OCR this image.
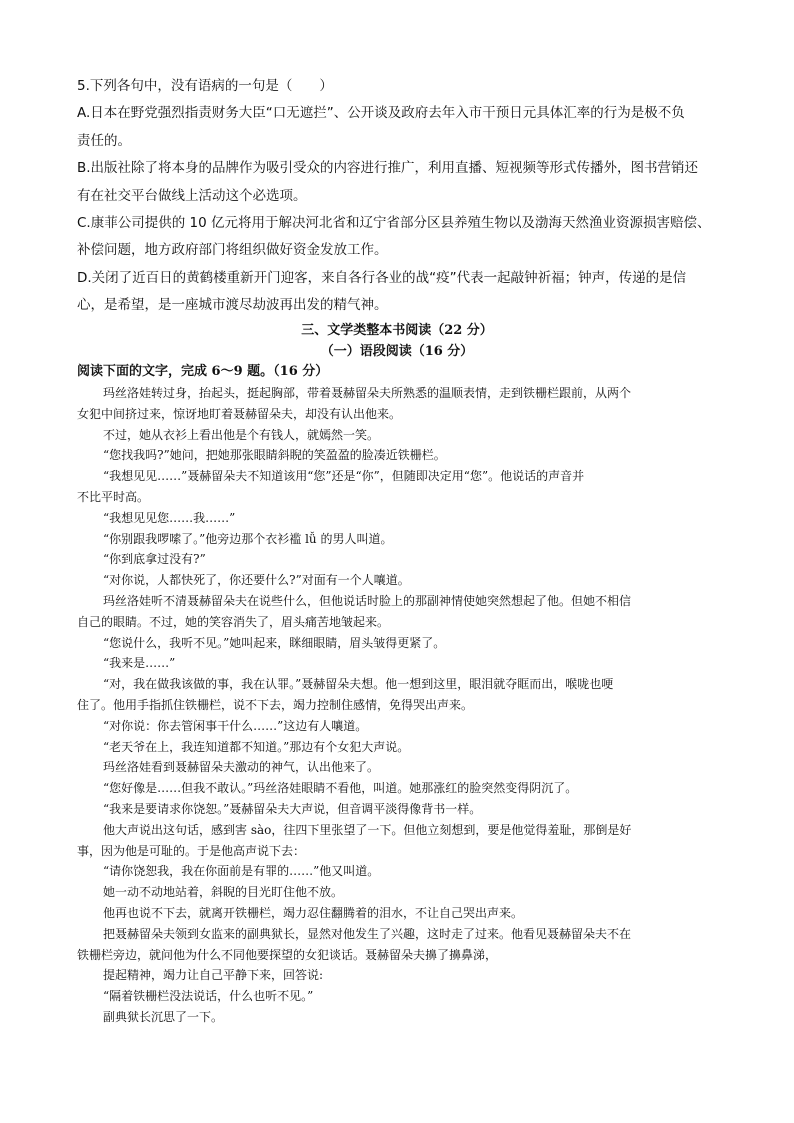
5.下列各句中，没有语病的一句是（　　）

A.日本在野党强烈指责财务大臣“口无遮拦”、公开谈及政府去年入市干预日元具体汇率的行为是极不负

责任的。

B.出版社除了将本身的品牌作为吸引受众的内容进行推广，利用直播、短视频等形式传播外，图书营销还

有在社交平台做线上活动这个必选项。

C.康菲公司提供的 10 亿元将用于解决河北省和辽宁省部分区县养殖生物以及渤海天然渔业资源损害赔偿、

补偿问题，地方政府部门将组织做好资金发放工作。

D.关闭了近百日的黄鹤楼重新开门迎客，来自各行各业的战“疫”代表一起敲钟祈福；钟声，传递的是信

心，是希望，是一座城市渡尽劫波再出发的精气神。

三、文学类整本书阅读（22 分）
（一）语段阅读（16 分）
阅读下面的文字，完成 6～9 题。（16 分）

玛丝洛娃转过身，抬起头，挺起胸部，带着聂赫留朵夫所熟悉的温顺表情，走到铁栅栏跟前，从两个

女犯中间挤过来，惊讶地盯着聂赫留朵夫，却没有认出他来。

不过，她从衣衫上看出他是个有钱人，就嫣然一笑。

“您找我吗?”她问，把她那张眼睛斜睨的笑盈盈的脸凑近铁栅栏。

“我想见见……”聂赫留朵夫不知道该用“您”还是“你”，但随即决定用“您”。他说话的声音并

不比平时高。

“我想见见您……我……”

“你别跟我啰嗦了。”他旁边那个衣衫褴 lǚ 的男人叫道。

“你到底拿过没有?”

“对你说，人都快死了，你还要什么?”对面有一个人嚷道。

玛丝洛娃听不清聂赫留朵夫在说些什么，但他说话时脸上的那副神情使她突然想起了他。但她不相信

自己的眼睛。不过，她的笑容消失了，眉头痛苦地皱起来。

“您说什么，我听不见。”她叫起来，眯细眼睛，眉头皱得更紧了。

“我来是……”

“对，我在做我该做的事，我在认罪。”聂赫留朵夫想。他一想到这里，眼泪就夺眶而出，喉咙也哽

住了。他用手指抓住铁栅栏，说不下去，竭力控制住感情，免得哭出声来。

“对你说：你去管闲事干什么……”这边有人嚷道。

“老天爷在上，我连知道都不知道。”那边有个女犯大声说。

玛丝洛娃看到聂赫留朵夫激动的神气，认出他来了。

“您好像是……但我不敢认。”玛丝洛娃眼睛不看他，叫道。她那涨红的脸突然变得阴沉了。

“我来是要请求你饶恕。”聂赫留朵夫大声说，但音调平淡得像背书一样。

他大声说出这句话，感到害 sào，往四下里张望了一下。但他立刻想到，要是他觉得羞耻，那倒是好

事，因为他是可耻的。于是他高声说下去：

“请你饶恕我，我在你面前是有罪的……”他又叫道。

她一动不动地站着，斜睨的目光盯住他不放。

他再也说不下去，就离开铁栅栏，竭力忍住翻腾着的泪水，不让自己哭出声来。

把聂赫留朵夫领到女监来的副典狱长，显然对他发生了兴趣，这时走了过来。他看见聂赫留朵夫不在

铁栅栏旁边，就问他为什么不同他要探望的女犯谈话。聂赫留朵夫擤了擤鼻涕，

提起精神，竭力让自己平静下来，回答说:

“隔着铁栅栏没法说话，什么也听不见。”

副典狱长沉思了一下。
